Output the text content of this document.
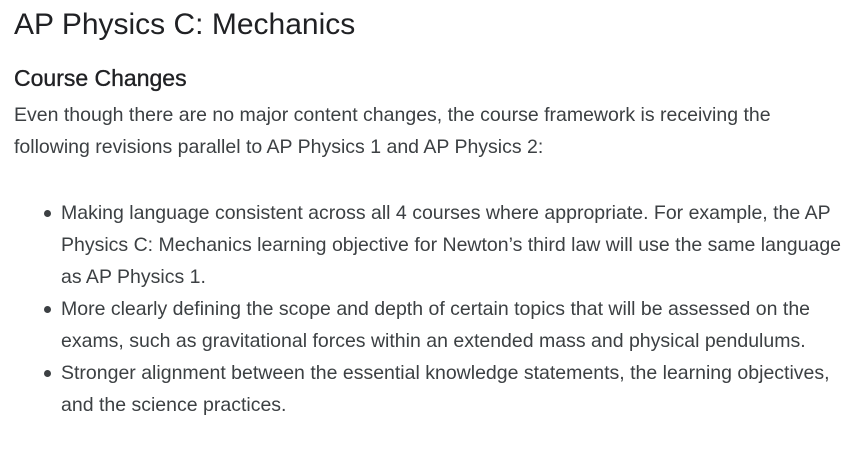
AP Physics C: Mechanics
Course Changes

Even though there are no major content changes, the course framework is receiving the following revisions parallel to AP Physics 1 and AP Physics 2:

Making language consistent across all 4 courses where appropriate. For example, the AP Physics C: Mechanics learning objective for Newton’s third law will use the same language as AP Physics 1.
More clearly defining the scope and depth of certain topics that will be assessed on the exams, such as gravitational forces within an extended mass and physical pendulums.
Stronger alignment between the essential knowledge statements, the learning objectives, and the science practices.
